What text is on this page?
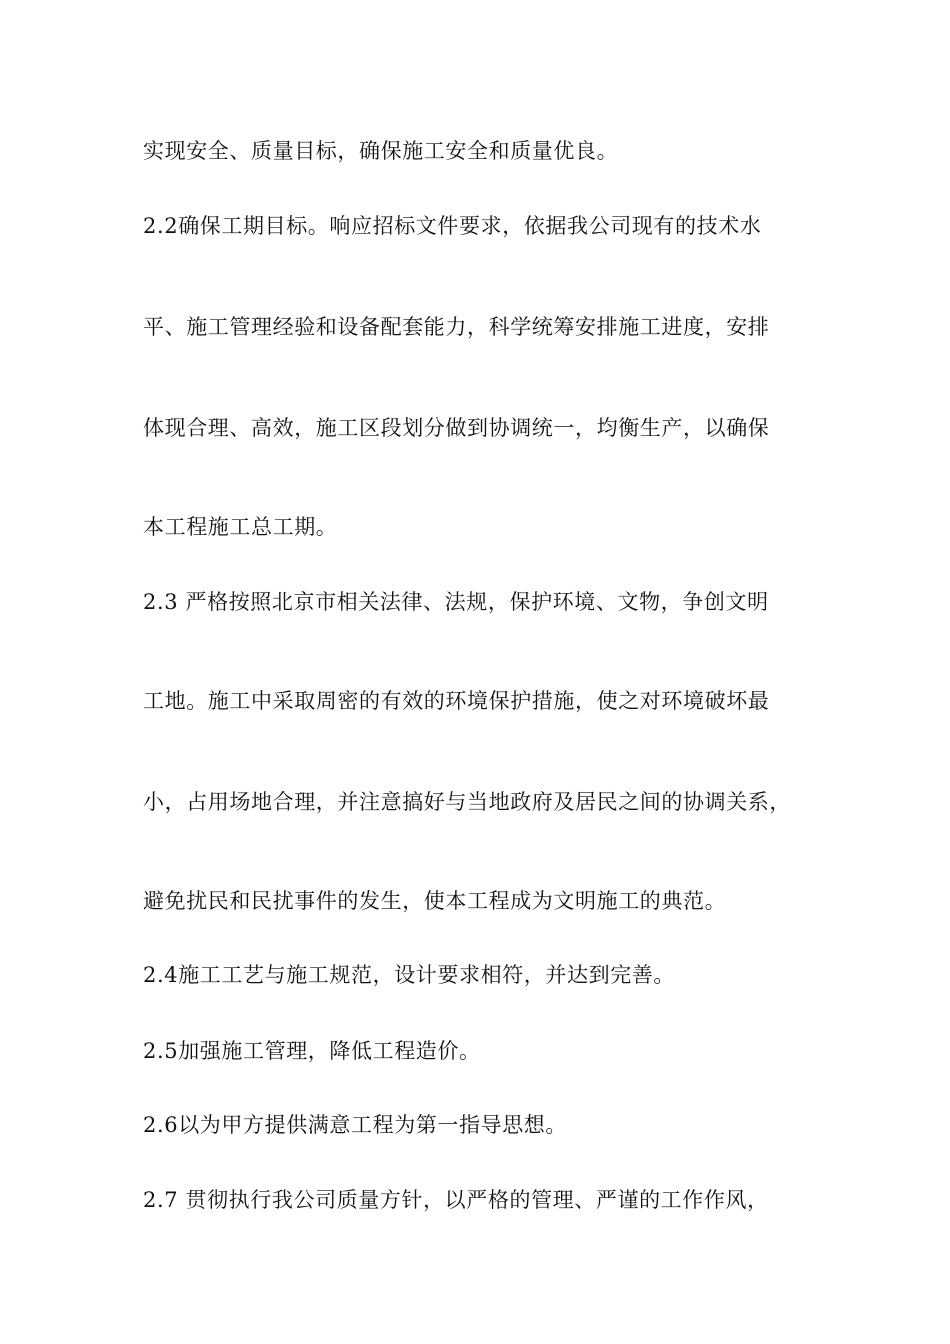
实现安全、质量目标，确保施工安全和质量优良。
2.2确保工期目标。响应招标文件要求，依据我公司现有的技术水
平、施工管理经验和设备配套能力，科学统筹安排施工进度，安排
体现合理、高效，施工区段划分做到协调统一，均衡生产，以确保
本工程施工总工期。
2.3 严格按照北京市相关法律、法规，保护环境、文物，争创文明
工地。施工中采取周密的有效的环境保护措施，使之对环境破坏最
小，占用场地合理，并注意搞好与当地政府及居民之间的协调关系，
避免扰民和民扰事件的发生，使本工程成为文明施工的典范。
2.4施工工艺与施工规范，设计要求相符，并达到完善。
2.5加强施工管理，降低工程造价。
2.6以为甲方提供满意工程为第一指导思想。
2.7 贯彻执行我公司质量方针，以严格的管理、严谨的工作作风，
